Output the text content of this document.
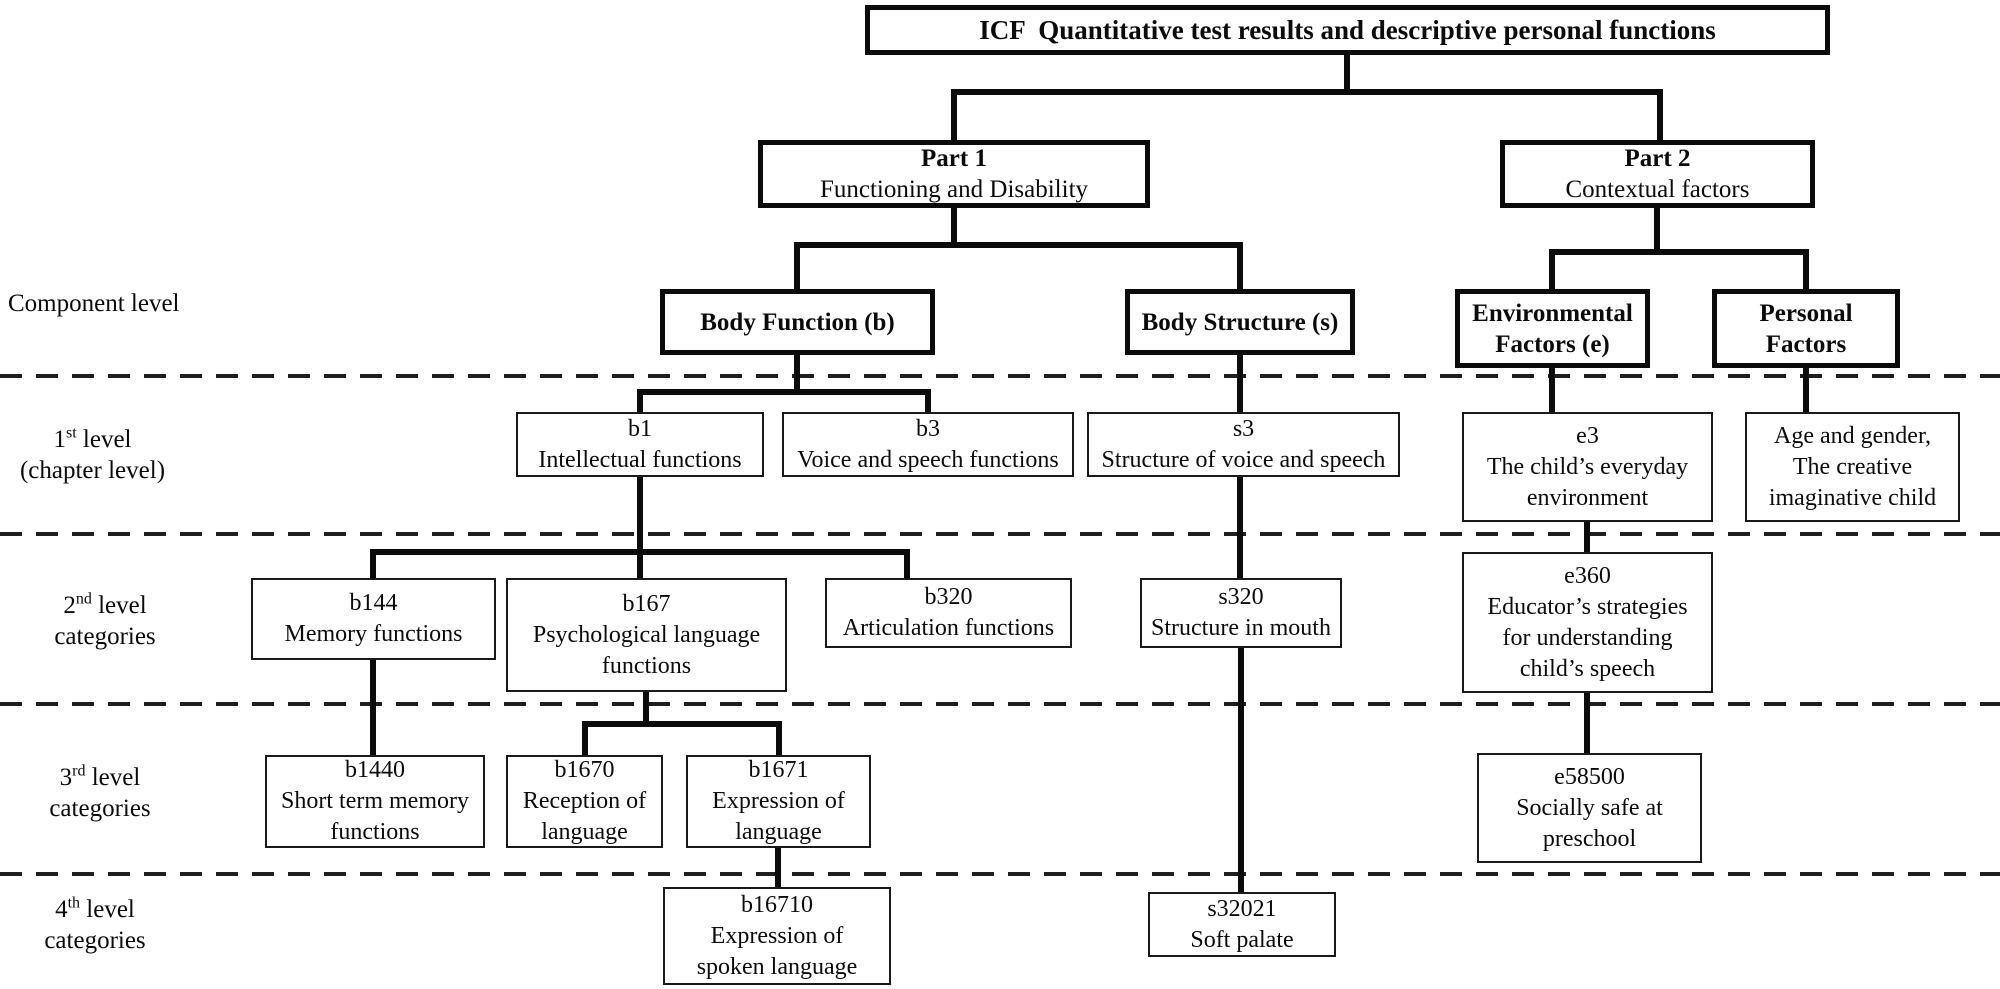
ICF  Quantitative test results and descriptive personal functions
Part 1
Functioning and Disability
Part 2
Contextual factors
Body Function (b)	Body Structure (s)	Environmental
Factors (e)
Personal
Factors
b1
Intellectual functions
b3
Voice and speech functions
s3
Structure of voice and speech
e3
The child’s everyday
environment
Age and gender,
The creative
imaginative child
b144
Memory functions
b167
Psychological language
functions
b320
Articulation functions
s320
Structure in mouth
e360
Educator’s strategies
for understanding
child’s speech
b1440
Short term memory
functions
b1670
Reception of
language
b1671
Expression of
language
e58500
Socially safe at
preschool
b16710
Expression of
spoken language
s32021
Soft palate
Component level
1st level
(chapter level)
2nd level
categories
3rd level
categories
4th level
categories
